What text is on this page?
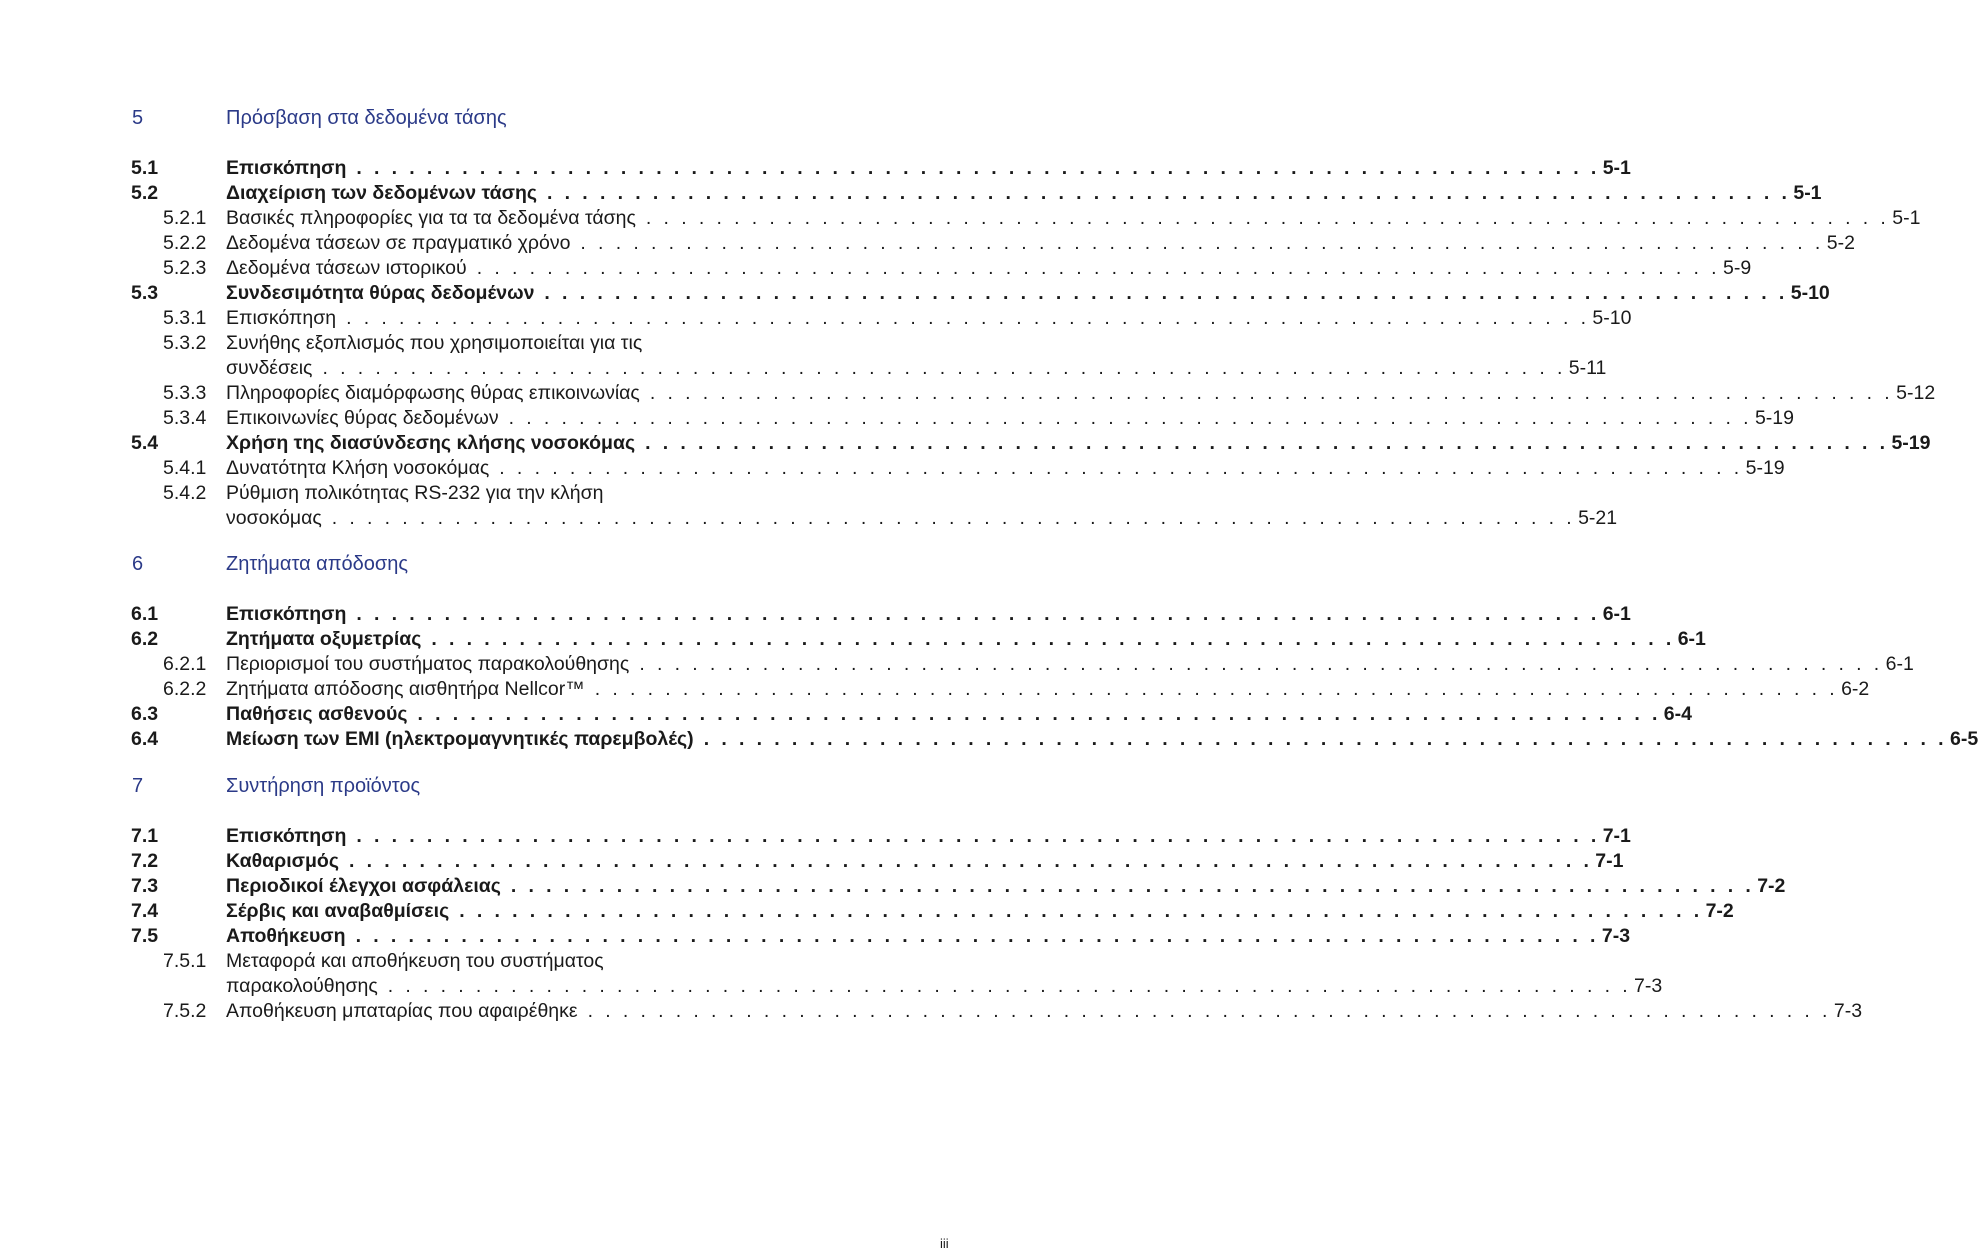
5	Πρόσβαση στα δεδομένα τάσης
5.1	Επισκόπηση . . . . . . . . . . . . . . . . . . . . . . . . . . . . . . . . . . . . . . . . . . . . . . . . . . . . . . . . . . . . . . . . . . . . . . . 5-1
5.2	Διαχείριση των δεδομένων τάσης . . . . . . . . . . . . . . . . . . . . . . . . . . . . . . . . . . . . . . . . . . . . . . . . . . . . . . . . . . . . . . . . . . . . . . . 5-1
5.2.1 Βασικές πληροφορίες για τα τα δεδομένα τάσης . . . . . . . . . . . . . . . . . . . . . . . . . . . . . . . . . . . . . . . . . . . . . . . . . . . . . . . . . . . . . . . . . . . . . . . 5-1
5.2.2 Δεδομένα τάσεων σε πραγματικό χρόνο . . . . . . . . . . . . . . . . . . . . . . . . . . . . . . . . . . . . . . . . . . . . . . . . . . . . . . . . . . . . . . . . . . . . . . . 5-2
5.2.3 Δεδομένα τάσεων ιστορικού . . . . . . . . . . . . . . . . . . . . . . . . . . . . . . . . . . . . . . . . . . . . . . . . . . . . . . . . . . . . . . . . . . . . . . . 5-9
5.3	Συνδεσιμότητα θύρας δεδομένων . . . . . . . . . . . . . . . . . . . . . . . . . . . . . . . . . . . . . . . . . . . . . . . . . . . . . . . . . . . . . . . . . . . . . . . 5-10
5.3.1 Επισκόπηση . . . . . . . . . . . . . . . . . . . . . . . . . . . . . . . . . . . . . . . . . . . . . . . . . . . . . . . . . . . . . . . . . . . . . . . 5-10
5.3.2 Συνήθης εξοπλισμός που χρησιμοποιείται για τις
συνδέσεις . . . . . . . . . . . . . . . . . . . . . . . . . . . . . . . . . . . . . . . . . . . . . . . . . . . . . . . . . . . . . . . . . . . . . . . 5-11
5.3.3 Πληροφορίες διαμόρφωσης θύρας επικοινωνίας . . . . . . . . . . . . . . . . . . . . . . . . . . . . . . . . . . . . . . . . . . . . . . . . . . . . . . . . . . . . . . . . . . . . . . . 5-12
5.3.4 Επικοινωνίες θύρας δεδομένων . . . . . . . . . . . . . . . . . . . . . . . . . . . . . . . . . . . . . . . . . . . . . . . . . . . . . . . . . . . . . . . . . . . . . . . 5-19
5.4	Χρήση της διασύνδεσης κλήσης νοσοκόμας . . . . . . . . . . . . . . . . . . . . . . . . . . . . . . . . . . . . . . . . . . . . . . . . . . . . . . . . . . . . . . . . . . . . . . . 5-19
5.4.1 Δυνατότητα Κλήση νοσοκόμας . . . . . . . . . . . . . . . . . . . . . . . . . . . . . . . . . . . . . . . . . . . . . . . . . . . . . . . . . . . . . . . . . . . . . . . 5-19
5.4.2 Ρύθμιση πολικότητας RS-232 για την κλήση
νοσοκόμας . . . . . . . . . . . . . . . . . . . . . . . . . . . . . . . . . . . . . . . . . . . . . . . . . . . . . . . . . . . . . . . . . . . . . . . 5-21
6	Ζητήματα απόδοσης
6.1	Επισκόπηση . . . . . . . . . . . . . . . . . . . . . . . . . . . . . . . . . . . . . . . . . . . . . . . . . . . . . . . . . . . . . . . . . . . . . . . 6-1
6.2	Ζητήματα οξυμετρίας . . . . . . . . . . . . . . . . . . . . . . . . . . . . . . . . . . . . . . . . . . . . . . . . . . . . . . . . . . . . . . . . . . . . . . . 6-1
6.2.1 Περιορισμοί του συστήματος παρακολούθησης . . . . . . . . . . . . . . . . . . . . . . . . . . . . . . . . . . . . . . . . . . . . . . . . . . . . . . . . . . . . . . . . . . . . . . . 6-1
6.2.2 Ζητήματα απόδοσης αισθητήρα Nellcor™ . . . . . . . . . . . . . . . . . . . . . . . . . . . . . . . . . . . . . . . . . . . . . . . . . . . . . . . . . . . . . . . . . . . . . . . 6-2
6.3	Παθήσεις ασθενούς . . . . . . . . . . . . . . . . . . . . . . . . . . . . . . . . . . . . . . . . . . . . . . . . . . . . . . . . . . . . . . . . . . . . . . . 6-4
6.4	Μείωση των EMI (ηλεκτρομαγνητικές παρεμβολές) . . . . . . . . . . . . . . . . . . . . . . . . . . . . . . . . . . . . . . . . . . . . . . . . . . . . . . . . . . . . . . . . . . . . . . . 6-5
7	Συντήρηση προϊόντος
7.1	Επισκόπηση . . . . . . . . . . . . . . . . . . . . . . . . . . . . . . . . . . . . . . . . . . . . . . . . . . . . . . . . . . . . . . . . . . . . . . . 7-1
7.2	Καθαρισμός . . . . . . . . . . . . . . . . . . . . . . . . . . . . . . . . . . . . . . . . . . . . . . . . . . . . . . . . . . . . . . . . . . . . . . . 7-1
7.3	Περιοδικοί έλεγχοι ασφάλειας . . . . . . . . . . . . . . . . . . . . . . . . . . . . . . . . . . . . . . . . . . . . . . . . . . . . . . . . . . . . . . . . . . . . . . . 7-2
7.4	Σέρβις και αναβαθμίσεις . . . . . . . . . . . . . . . . . . . . . . . . . . . . . . . . . . . . . . . . . . . . . . . . . . . . . . . . . . . . . . . . . . . . . . . 7-2
7.5	Αποθήκευση . . . . . . . . . . . . . . . . . . . . . . . . . . . . . . . . . . . . . . . . . . . . . . . . . . . . . . . . . . . . . . . . . . . . . . . 7-3
7.5.1 Μεταφορά και αποθήκευση του συστήματος
παρακολούθησης . . . . . . . . . . . . . . . . . . . . . . . . . . . . . . . . . . . . . . . . . . . . . . . . . . . . . . . . . . . . . . . . . . . . . . . 7-3
7.5.2 Αποθήκευση μπαταρίας που αφαιρέθηκε . . . . . . . . . . . . . . . . . . . . . . . . . . . . . . . . . . . . . . . . . . . . . . . . . . . . . . . . . . . . . . . . . . . . . . . 7-3
iii
